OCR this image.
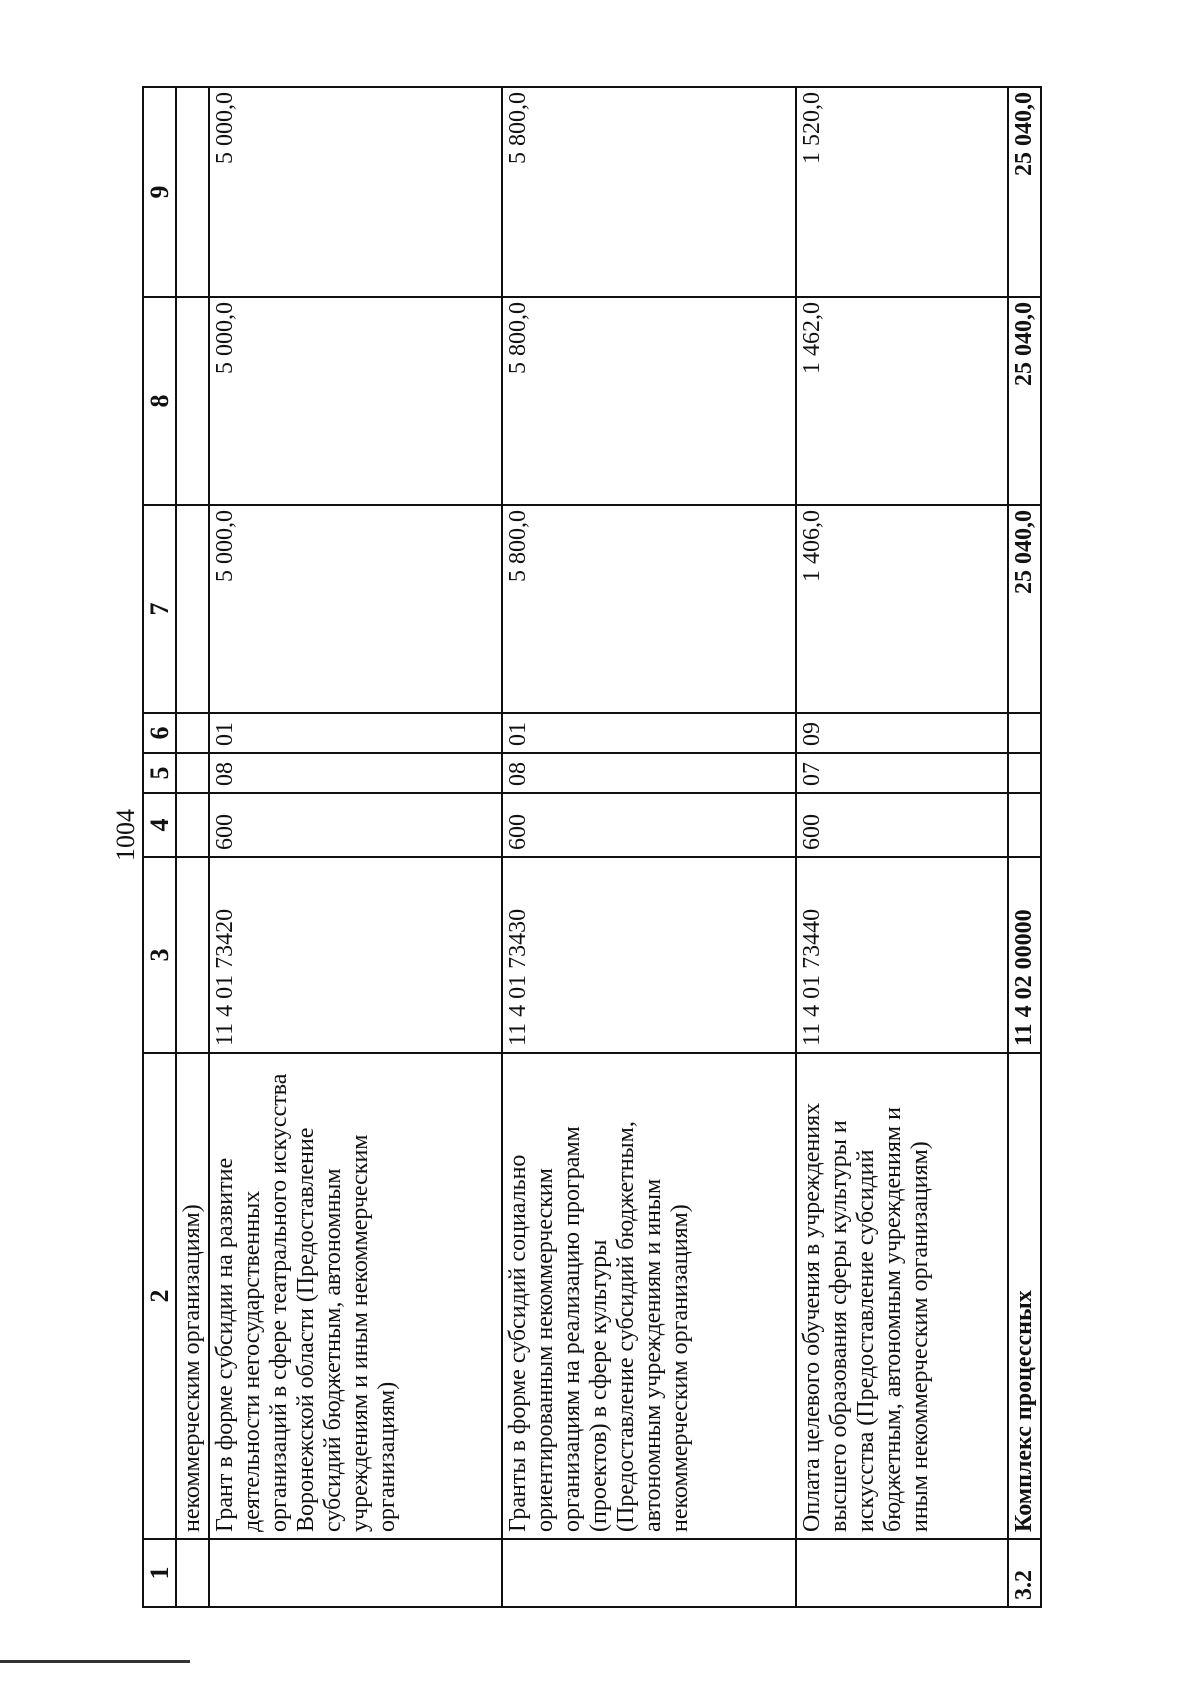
1004
1	2	3	4	5	6	7	8	9
	некоммерческим организациям)							
	Грант в форме субсидии на развитие деятельности негосударственных организаций в сфере театрального искусства Воронежской области (Предоставление субсидий бюджетным, автономным учреждениям и иным некоммерческим организациям)	11 4 01 73420	600	08	01	5 000,0	5 000,0	5 000,0
	Гранты в форме субсидий социально ориентированным некоммерческим организациям на реализацию программ (проектов) в сфере культуры (Предоставление субсидий бюджетным, автономным учреждениям и иным некоммерческим организациям)	11 4 01 73430	600	08	01	5 800,0	5 800,0	5 800,0
	Оплата целевого обучения в учреждениях высшего образования сферы культуры и искусства (Предоставление субсидий бюджетным, автономным учреждениям и иным некоммерческим организациям)	11 4 01 73440	600	07	09	1 406,0	1 462,0	1 520,0
3.2	Комплекс процессных	11 4 02 00000				25 040,0	25 040,0	25 040,0
